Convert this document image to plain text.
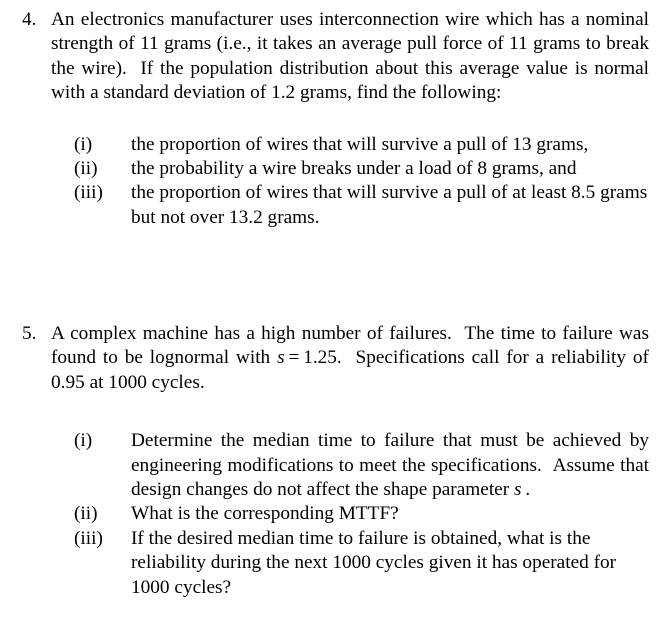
4. An electronics manufacturer uses interconnection wire which has a nominal strength of 11 grams (i.e., it takes an average pull force of 11 grams to break the wire).  If the population distribution about this average value is normal with a standard deviation of 1.2 grams, find the following:
(i) the proportion of wires that will survive a pull of 13 grams,
(ii) the probability a wire breaks under a load of 8 grams, and
(iii) the proportion of wires that will survive a pull of at least 8.5 grams but not over 13.2 grams.
5. A complex machine has a high number of failures.  The time to failure was found to be lognormal with s = 1.25.  Specifications call for a reliability of 0.95 at 1000 cycles.
(i) Determine the median time to failure that must be achieved by engineering modifications to meet the specifications.  Assume that design changes do not affect the shape parameter s .
(ii) What is the corresponding MTTF?
(iii) If the desired median time to failure is obtained, what is the reliability during the next 1000 cycles given it has operated for 1000 cycles?
